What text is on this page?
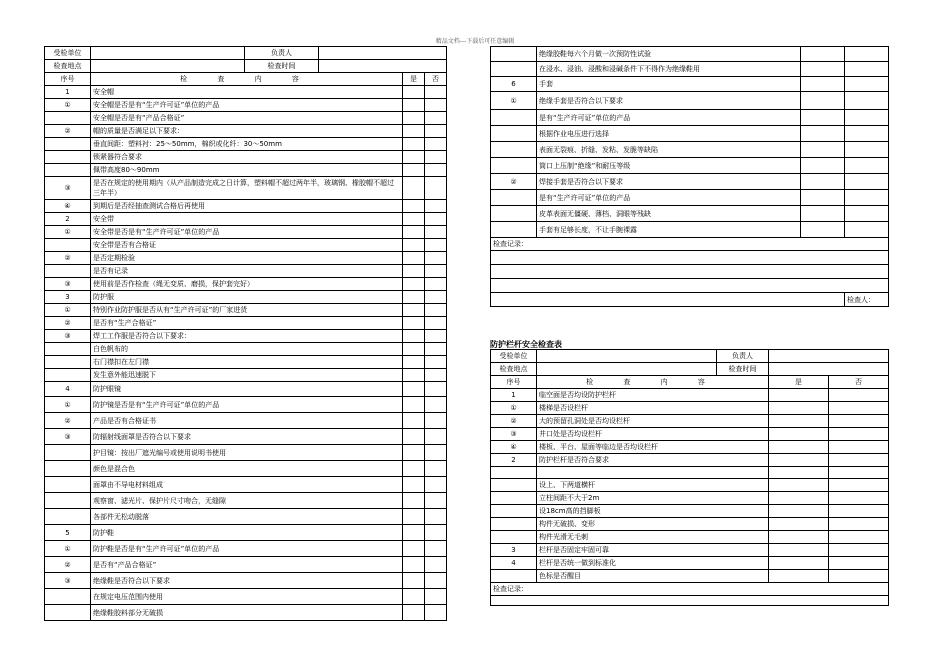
精品文档---下载后可任意编辑
受检单位		负责人			
检查地点		检查时间			
序号	检 查 内 容			是	否
1	安全帽				
①	安全帽是否是有“生产许可证”单位的产品				
	安全帽是否是有“产品合格证”				
②	帽的质量是否满足以下要求：				
	垂直间距：塑料衬：25～50mm，棉织或化纤：30～50mm				
	锁紧器符合要求				
	佩带高度80～90mm				
③	是否在规定的使用期内（从产品制造完成之日计算，塑料帽不超过两年半，玻璃钢、橡胶帽不超过三年半）				
④	到期后是否经抽查测试合格后再使用				
2	安全带				
①	安全带是否是有“生产许可证”单位的产品				
	安全带是否有合格证				
②	是否定期检验				
	是否有记录				
③	使用前是否作检查（绳无变质、磨损，保护套完好）				
3	防护服				
①	特别作业防护服是否从有“生产许可证”的厂家进货				
②	是否有“生产合格证”				
③	焊工工作服是否符合以下要求：				
	白色帆布的				
	右门襟扣在左门襟				
	发生意外能迅速脱下				
4	防护眼镜				
①	防护镜是否是有“生产许可证”单位的产品				
②	产品是否有合格证书				
③	防辐射线面罩是否符合以下要求				
	护目镜：按出厂遮光编号或使用说明书使用				
	颜色是混合色				
	面罩由不导电材料组成				
	观察窗、滤光片、保护片尺寸吻合，无缝隙				
	各部件无松动脱落				
5	防护鞋				
①	防护鞋是否是有“生产许可证”单位的产品				
②	是否有“产品合格证”				
③	绝缘鞋是否符合以下要求				
	在规定电压范围内使用				
	绝缘鞋胶料部分无破损				
	绝缘胶鞋每六个月做一次预防性试验		
	在浸水、浸油、浸酸和浸碱条件下不得作为绝缘鞋用		
6	手套		
①	绝缘手套是否符合以下要求		
	是有“生产许可证”单位的产品		
	根据作业电压进行选择		
	表面无裂痕、折缝、发粘、发脆等缺陷		
	筒口上压制“绝缘”和耐压等级		
②	焊接手套是否符合以下要求		
	是有“生产许可证”单位的产品		
	皮革表面无僵硬、薄档、洞眼等残缺		
	手套有足够长度，不让手腕裸露		
检查记录：			

			检查人：
防护栏杆安全检查表
受检单位		负责人		
检查地点		检查时间		
序号	检 查 内 容		是	否
1	临空面是否均设防护栏杆			
①	楼梯是否设栏杆			
②	大的预留孔洞处是否均设栏杆			
③	井口处是否均设栏杆			
④	楼板、平台、屋面等临边是否均设栏杆			
2	防护栏杆是否符合要求			

	设上、下两道横杆			
	立柱间距不大于2m			
	设18cm高的挡脚板			
	构件无破损、变形			
	构件光滑无毛刺			
3	栏杆是否固定牢固可靠			
4	栏杆是否统一做到标准化			
	色标是否醒目			
检查记录：				
